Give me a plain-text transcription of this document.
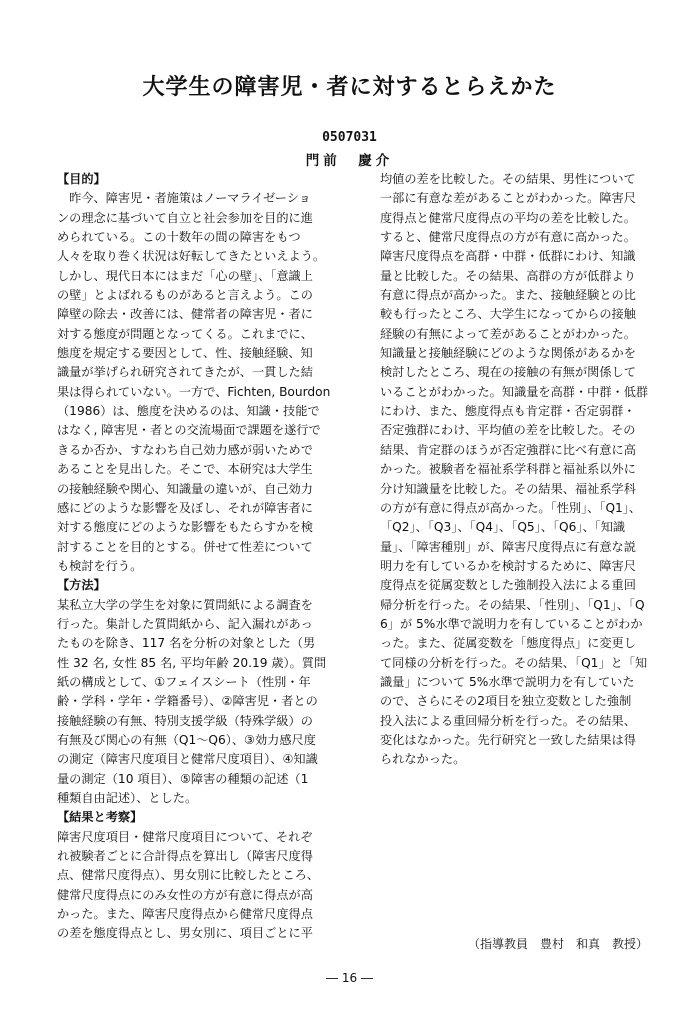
大学生の障害児・者に対するとらえかた
0507031
門前　慶介
【目的】
　昨今、障害児・者施策はノーマライゼーショ
ンの理念に基づいて自立と社会参加を目的に進
められている。この十数年の間の障害をもつ
人々を取り巻く状況は好転してきたといえよう。
しかし、現代日本にはまだ「心の壁」、「意識上
の壁」とよばれるものがあると言えよう。この
障壁の除去・改善には、健常者の障害児・者に
対する態度が問題となってくる。これまでに、
態度を規定する要因として、性、接触経験、知
識量が挙げられ研究されてきたが、一貫した結
果は得られていない。一方で、Fichten, Bourdon
（1986）は、態度を決めるのは、知識・技能で
はなく, 障害児・者との交流場面で課題を遂行で
きるか否か、すなわち自己効力感が弱いためで
あることを見出した。そこで、本研究は大学生
の接触経験や関心、知識量の違いが、自己効力
感にどのような影響を及ぼし、それが障害者に
対する態度にどのような影響をもたらすかを検
討することを目的とする。併せて性差について
も検討を行う。
【方法】
某私立大学の学生を対象に質問紙による調査を
行った。集計した質問紙から、記入漏れがあっ
たものを除き、117 名を分析の対象とした（男
性 32 名, 女性 85 名, 平均年齢 20.19 歳）。質問
紙の構成として、①フェイスシート（性別・年
齢・学科・学年・学籍番号）、②障害児・者との
接触経験の有無、特別支援学級（特殊学級）の
有無及び関心の有無（Q1～Q6）、③効力感尺度
の測定（障害尺度項目と健常尺度項目）、④知識
量の測定（10 項目）、⑤障害の種類の記述（1
種類自由記述）、とした。
【結果と考察】
障害尺度項目・健常尺度項目について、それぞ
れ被験者ごとに合計得点を算出し（障害尺度得
点、健常尺度得点）、男女別に比較したところ、
健常尺度得点にのみ女性の方が有意に得点が高
かった。また、障害尺度得点から健常尺度得点
の差を態度得点とし、男女別に、項目ごとに平
均値の差を比較した。その結果、男性について
一部に有意な差があることがわかった。障害尺
度得点と健常尺度得点の平均の差を比較した。
すると、健常尺度得点の方が有意に高かった。
障害尺度得点を高群・中群・低群にわけ、知識
量と比較した。その結果、高群の方が低群より
有意に得点が高かった。また、接触経験との比
較も行ったところ、大学生になってからの接触
経験の有無によって差があることがわかった。
知識量と接触経験にどのような関係があるかを
検討したところ、現在の接触の有無が関係して
いることがわかった。知識量を高群・中群・低群
にわけ、また、態度得点も肯定群・否定弱群・
否定強群にわけ、平均値の差を比較した。その
結果、肯定群のほうが否定強群に比べ有意に高
かった。被験者を福祉系学科群と福祉系以外に
分け知識量を比較した。その結果、福祉系学科
の方が有意に得点が高かった。「性別」、「Q1」、
「Q2」、「Q3」、「Q4」、「Q5」、「Q6」、「知識
量」、「障害種別」が、障害尺度得点に有意な説
明力を有しているかを検討するために、障害尺
度得点を従属変数とした強制投入法による重回
帰分析を行った。その結果、「性別」、「Q1」、「Q
6」が 5%水準で説明力を有していることがわか
った。また、従属変数を「態度得点」に変更し
て同様の分析を行った。その結果、「Q1」と「知
識量」について 5%水準で説明力を有していた
ので、さらにその2項目を独立変数とした強制
投入法による重回帰分析を行った。その結果、
変化はなかった。先行研究と一致した結果は得
られなかった。
（指導教員　豊村　和真　教授）
― 16 ―
